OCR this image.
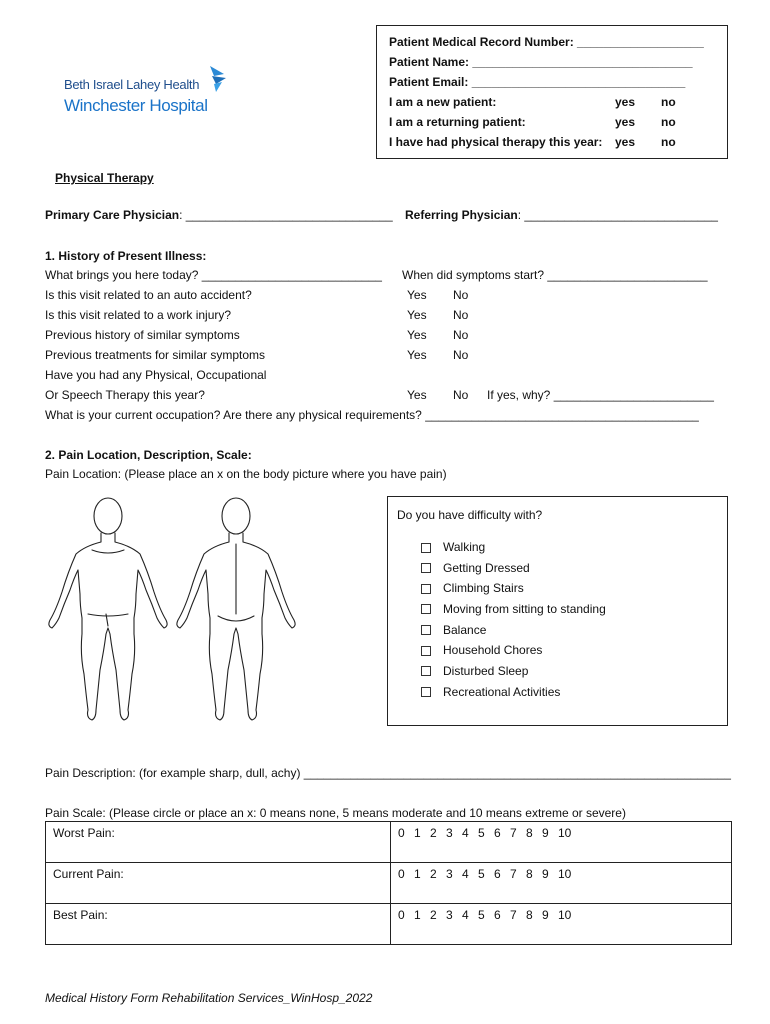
Beth Israel Lahey Health
Winchester Hospital
Patient Medical Record Number: ___________________
Patient Name: _________________________________
Patient Email: ________________________________
I am a new patient:	yes no
I am a returning patient:	yes no
I have had physical therapy this year: yes no
Physical Therapy
Primary Care Physician: _______________________________ Referring Physician: _____________________________
1. History of Present Illness:
What brings you here today? ___________________________ When did symptoms start? ________________________
Is this visit related to an auto accident?	Yes No
Is this visit related to a work injury?	Yes No
Previous history of similar symptoms	Yes No
Previous treatments for similar symptoms	Yes No
Have you had any Physical, Occupational
Or Speech Therapy this year?	Yes No If yes, why? ________________________
What is your current occupation? Are there any physical requirements? _________________________________________
2. Pain Location, Description, Scale:
Pain Location: (Please place an x on the body picture where you have pain)
Do you have difficulty with?
Walking
Getting Dressed
Climbing Stairs
Moving from sitting to standing
Balance
Household Chores
Disturbed Sleep
Recreational Activities
Pain Description: (for example sharp, dull, achy) ________________________________________________________________
Pain Scale: (Please circle or place an x: 0 means none, 5 means moderate and 10 means extreme or severe)
Worst Pain:	0 1 2 3 4 5 6 7 8 9 10
Current Pain:	0 1 2 3 4 5 6 7 8 9 10
Best Pain:	0 1 2 3 4 5 6 7 8 9 10
Medical History Form Rehabilitation Services_WinHosp_2022
